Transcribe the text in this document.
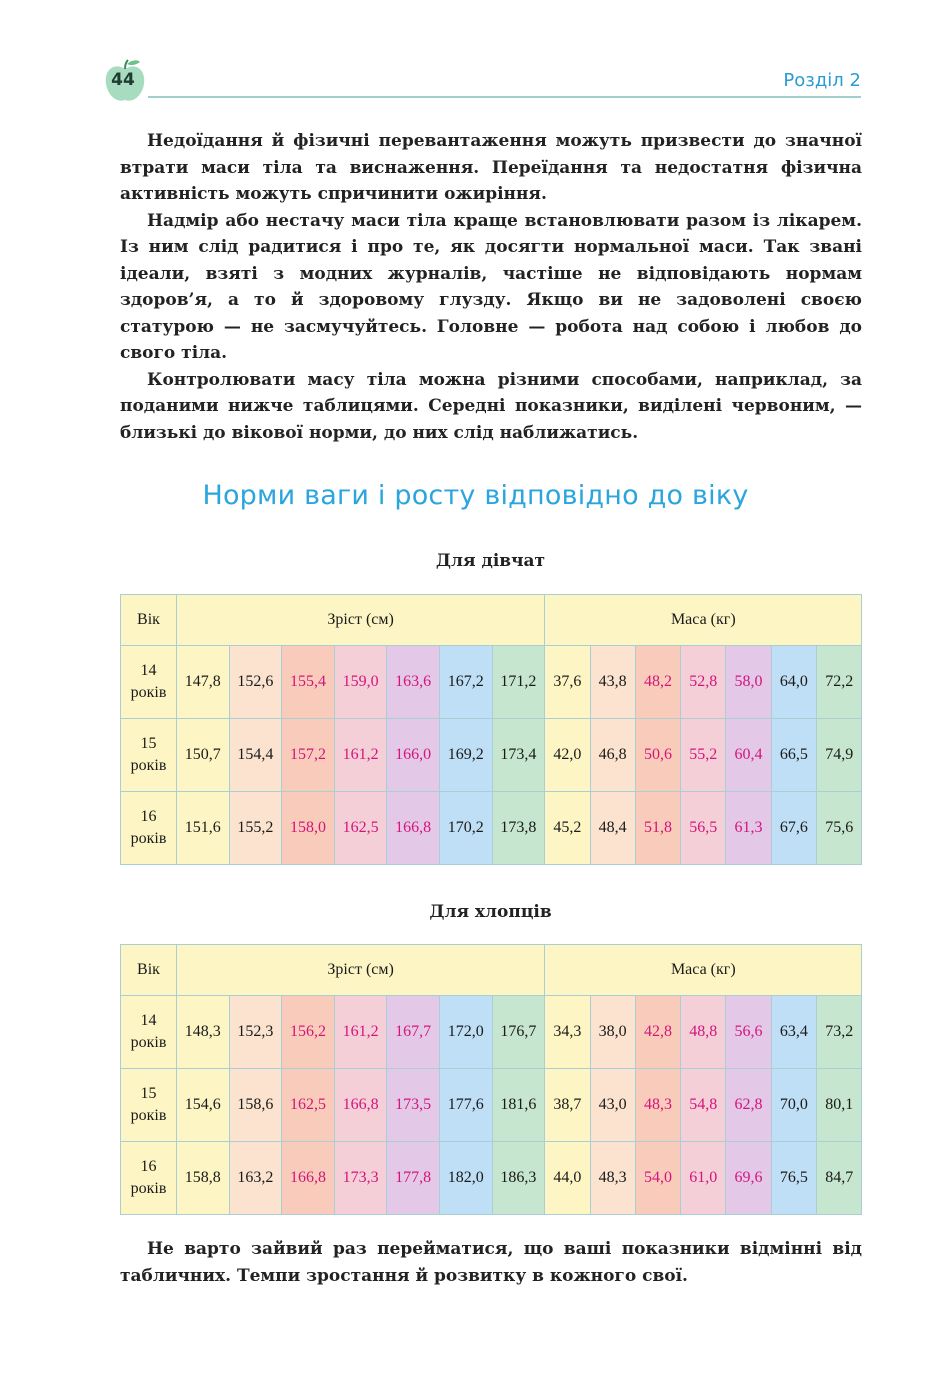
44	Розділ 2

Недоїдання й фізичні перевантаження можуть призвести до значної втрати маси тіла та виснаження. Переїдання та недостатня фізична активність можуть спричинити ожиріння.

Надмір або нестачу маси тіла краще встановлювати разом із лікарем. Із ним слід радитися і про те, як досягти нормальної маси. Так звані ідеали, взяті з модних журналів, частіше не відповідають нормам здоров’я, а то й здоровому глузду. Якщо ви не задоволені своєю статурою — не засмучуйтесь. Головне — робота над собою і любов до свого тіла.

Контролювати масу тіла можна різними способами, наприклад, за поданими нижче таблицями. Середні показники, виділені червоним, — близькі до вікової норми, до них слід наближатись.

Норми ваги і росту відповідно до віку
Для дівчат
Вік	Зріст (см)							Маса (кг)						

14
років	147,8	152,6	155,4	159,0	163,6	167,2	171,2	37,6	43,8	48,2	52,8	58,0	64,0	72,2

15
років	150,7	154,4	157,2	161,2	166,0	169,2	173,4	42,0	46,8	50,6	55,2	60,4	66,5	74,9

16
років	151,6	155,2	158,0	162,5	166,8	170,2	173,8	45,2	48,4	51,8	56,5	61,3	67,6	75,6
Для хлопців
Вік	Зріст (см)							Маса (кг)						

14
років	148,3	152,3	156,2	161,2	167,7	172,0	176,7	34,3	38,0	42,8	48,8	56,6	63,4	73,2

15
років	154,6	158,6	162,5	166,8	173,5	177,6	181,6	38,7	43,0	48,3	54,8	62,8	70,0	80,1

16
років	158,8	163,2	166,8	173,3	177,8	182,0	186,3	44,0	48,3	54,0	61,0	69,6	76,5	84,7

Не варто зайвий раз перейматися, що ваші показники відмінні від табличних. Темпи зростання й розвитку в кожного свої.
